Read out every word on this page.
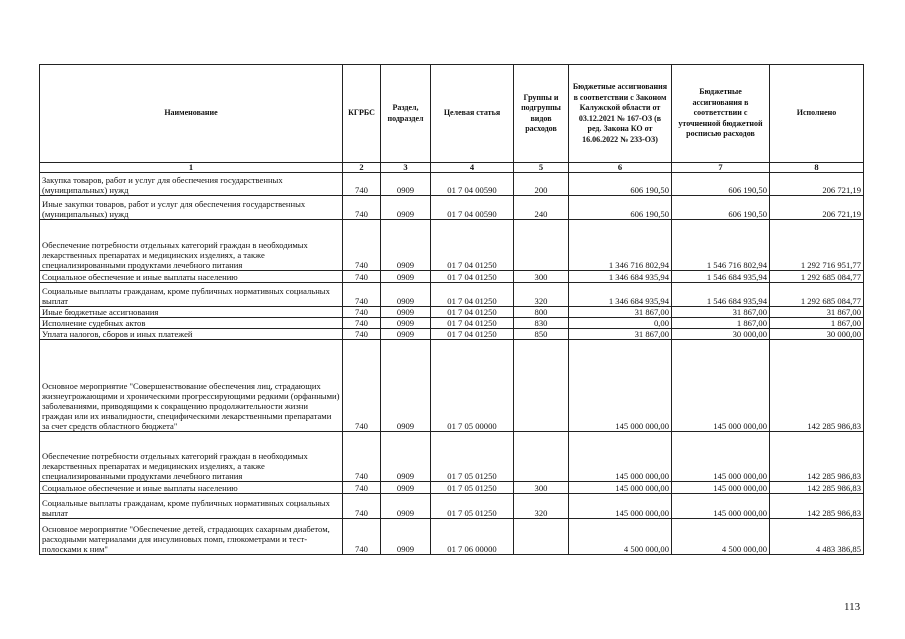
Наименование	КГРБС	Раздел, подраздел	Целевая статья	Группы и подгруппы видов расходов	Бюджетные ассигнования в соответствии с Законом Калужской области от 03.12.2021 № 167-ОЗ (в ред. Закона КО от 16.06.2022 № 233-ОЗ)	Бюджетные ассигнования в соответствии с уточненной бюджетной росписью расходов	Исполнено
1	2	3	4	5	6	7	8
Закупка товаров, работ и услуг для обеспечения государственных (муниципальных) нужд	740	0909	01 7 04 00590	200	606 190,50	606 190,50	206 721,19
Иные закупки товаров, работ и услуг для обеспечения государственных (муниципальных) нужд	740	0909	01 7 04 00590	240	606 190,50	606 190,50	206 721,19
Обеспечение потребности отдельных категорий граждан в необходимых лекарственных препаратах и медицинских изделиях, а также специализированными продуктами лечебного питания	740	0909	01 7 04 01250		1 346 716 802,94	1 546 716 802,94	1 292 716 951,77
Социальное обеспечение и иные выплаты населению	740	0909	01 7 04 01250	300	1 346 684 935,94	1 546 684 935,94	1 292 685 084,77
Социальные выплаты гражданам, кроме публичных нормативных социальных выплат	740	0909	01 7 04 01250	320	1 346 684 935,94	1 546 684 935,94	1 292 685 084,77
Иные бюджетные ассигнования	740	0909	01 7 04 01250	800	31 867,00	31 867,00	31 867,00
Исполнение судебных актов	740	0909	01 7 04 01250	830	0,00	1 867,00	1 867,00
Уплата налогов, сборов и иных платежей	740	0909	01 7 04 01250	850	31 867,00	30 000,00	30 000,00
Основное мероприятие "Совершенствование обеспечения лиц, страдающих жизнеугрожающими и хроническими прогрессирующими редкими (орфанными) заболеваниями, приводящими к сокращению продолжительности жизни граждан или их инвалидности, специфическими лекарственными препаратами за счет средств областного бюджета"	740	0909	01 7 05 00000		145 000 000,00	145 000 000,00	142 285 986,83
Обеспечение потребности отдельных категорий граждан в необходимых лекарственных препаратах и медицинских изделиях, а также специализированными продуктами лечебного питания	740	0909	01 7 05 01250		145 000 000,00	145 000 000,00	142 285 986,83
Социальное обеспечение и иные выплаты населению	740	0909	01 7 05 01250	300	145 000 000,00	145 000 000,00	142 285 986,83
Социальные выплаты гражданам, кроме публичных нормативных социальных выплат	740	0909	01 7 05 01250	320	145 000 000,00	145 000 000,00	142 285 986,83
Основное мероприятие "Обеспечение детей, страдающих сахарным диабетом, расходными материалами для инсулиновых помп, глюкометрами и тест-полосками к ним"	740	0909	01 7 06 00000		4 500 000,00	4 500 000,00	4 483 386,85
113
